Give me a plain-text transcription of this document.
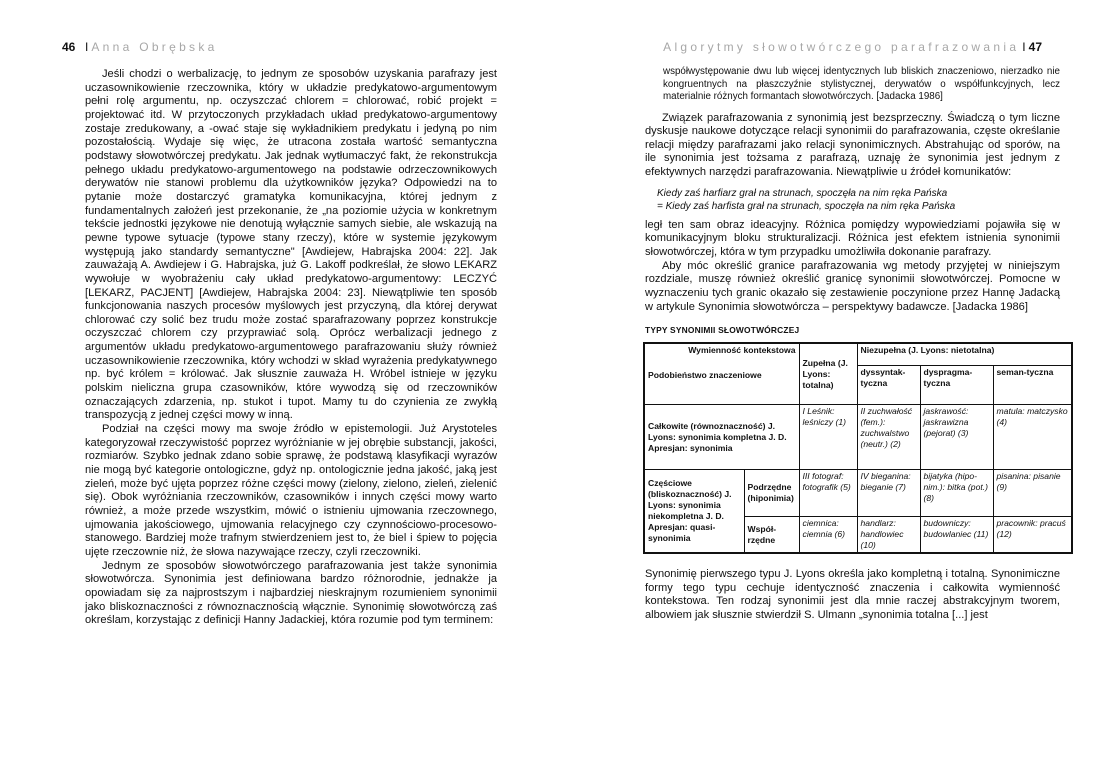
46 I Anna Obrębska

Jeśli chodzi o werbalizację, to jednym ze sposobów uzyskania parafrazy jest uczasownikowienie rzeczownika, który w układzie predykatowo-argumentowym pełni rolę argumentu, np. oczyszczać chlorem = chlorować, robić projekt = projektować itd. W przytoczonych przykładach układ predykatowo-argumentowy zostaje zredukowany, a -ować staje się wykładnikiem predykatu i jedyną po nim pozostałością. Wydaje się więc, że utracona została wartość semantyczna podstawy słowotwórczej predykatu. Jak jednak wytłumaczyć fakt, że rekonstrukcja pełnego układu predykatowo-argumentowego na podstawie odrzeczownikowych derywatów nie stanowi problemu dla użytkowników języka? Odpowiedzi na to pytanie może dostarczyć gramatyka komunikacyjna, której jednym z fundamentalnych założeń jest przekonanie, że „na poziomie użycia w konkretnym tekście jednostki językowe nie denotują wyłącznie samych siebie, ale wskazują na pewne typowe sytuacje (typowe stany rzeczy), które w systemie językowym występują jako standardy semantyczne" [Awdiejew, Habrajska 2004: 22]. Jak zauważają A. Awdiejew i G. Habrajska, już G. Lakoff podkreślał, że słowo LEKARZ wywołuje w wyobrażeniu cały układ predykatowo-argumentowy: LECZYĆ [LEKARZ, PACJENT] [Awdiejew, Habrajska 2004: 23]. Niewątpliwie ten sposób funkcjonowania naszych procesów myślowych jest przyczyną, dla której derywat chlorować czy solić bez trudu może zostać sparafrazowany poprzez konstrukcje oczyszczać chlorem czy przyprawiać solą. Oprócz werbalizacji jednego z argumentów układu predykatowo-argumentowego parafrazowaniu służy również uczasownikowienie rzeczownika, który wchodzi w skład wyrażenia predykatywnego np. być królem = królować. Jak słusznie zauważa H. Wróbel istnieje w języku polskim nieliczna grupa czasowników, które wywodzą się od rzeczowników oznaczających zdarzenia, np. stukot i tupot. Mamy tu do czynienia ze zwykłą transpozycją z jednej części mowy w inną.

Podział na części mowy ma swoje źródło w epistemologii. Już Arystoteles kategoryzował rzeczywistość poprzez wyróżnianie w jej obrębie substancji, jakości, rozmiarów. Szybko jednak zdano sobie sprawę, że podstawą klasyfikacji wyrazów nie mogą być kategorie ontologiczne, gdyż np. ontologicznie jedna jakość, jaką jest zieleń, może być ujęta poprzez różne części mowy (zielony, zielono, zieleń, zielenić się). Obok wyróżniania rzeczowników, czasowników i innych części mowy warto również, a może przede wszystkim, mówić o istnieniu ujmowania rzeczownego, ujmowania jakościowego, ujmowania relacyjnego czy czynnościowo-procesowo-stanowego. Bardziej może trafnym stwierdzeniem jest to, że biel i śpiew to pojęcia ujęte rzeczownie niż, że słowa nazywające rzeczy, czyli rzeczowniki.

Jednym ze sposobów słowotwórczego parafrazowania jest także synonimia słowotwórcza. Synonimia jest definiowana bardzo różnorodnie, jednakże ja opowiadam się za najprostszym i najbardziej nieskrajnym rozumieniem synonimii jako bliskoznaczności z równoznacznością włącznie. Synonimię słowotwórczą zaś określam, korzystając z definicji Hanny Jadackiej, która rozumie pod tym terminem:

Algorytmy słowotwórczego parafrazowania I 47

współwystępowanie dwu lub więcej identycznych lub bliskich znaczeniowo, nierzadko nie kongruentnych na płaszczyźnie stylistycznej, derywatów o współfunkcyjnych, lecz materialnie różnych formantach słowotwórczych. [Jadacka 1986]

Związek parafrazowania z synonimią jest bezsprzeczny. Świadczą o tym liczne dyskusje naukowe dotyczące relacji synonimii do parafrazowania, częste określanie relacji między parafrazami jako relacji synonimicznych. Abstrahując od sporów, na ile synonimia jest tożsama z parafrazą, uznaję że synonimia jest jednym z efektywnych narzędzi parafrazowania. Niewątpliwie u źródeł komunikatów:

Kiedy zaś harfiarz grał na strunach, spoczęła na nim ręka Pańska
= Kiedy zaś harfista grał na strunach, spoczęła na nim ręka Pańska

legł ten sam obraz ideacyjny. Różnica pomiędzy wypowiedziami pojawiła się w komunikacyjnym bloku strukturalizacji. Różnica jest efektem istnienia synonimii słowotwórczej, która w tym przypadku umożliwiła dokonanie parafrazy.

Aby móc określić granice parafrazowania wg metody przyjętej w niniejszym rozdziale, muszę również określić granicę synonimii słowotwórczej. Pomocne w wyznaczeniu tych granic okazało się zestawienie poczynione przez Hannę Jadacką w artykule Synonimia słowotwórcza – perspektywy badawcze. [Jadacka 1986]

TYPY SYNONIMII SŁOWOTWÓRCZEJ
Wymienność kontekstowa
Podobieństwo znaczeniowe		Zupełna (J. Lyons: totalna)	Niezupełna (J. Lyons: nietotalna)		
			dyssyntak-tyczna	dyspragma-tyczna	seman-tyczna
Całkowite (równoznaczność) J. Lyons: synonimia kompletna J. D. Apresjan: synonimia		I Leśnik: leśniczy (1)	II zuchwałość (fem.): zuchwalstwo (neutr.) (2)	jaskrawość: jaskrawizna (pejorat) (3)	matula: matczysko (4)
Częściowe (bliskoznaczność) J. Lyons: synonimia niekompletna J. D. Apresjan: quasi-synonimia	Podrzędne (hiponimia)	III fotograf: fotografik (5)	IV bieganina: bieganie (7)	bijatyka (hipo-nim.): bitka (pot.) (8)	pisanina: pisanie (9)
	Współ-rzędne	ciemnica: ciemnia (6)	handlarz: handlowiec (10)	budowniczy: budowlaniec (11)	pracownik: pracuś (12)

Synonimię pierwszego typu J. Lyons określa jako kompletną i totalną. Synonimiczne formy tego typu cechuje identyczność znaczenia i całkowita wymienność kontekstowa. Ten rodzaj synonimii jest dla mnie raczej abstrakcyjnym tworem, albowiem jak słusznie stwierdził S. Ulmann „synonimia totalna [...] jest
